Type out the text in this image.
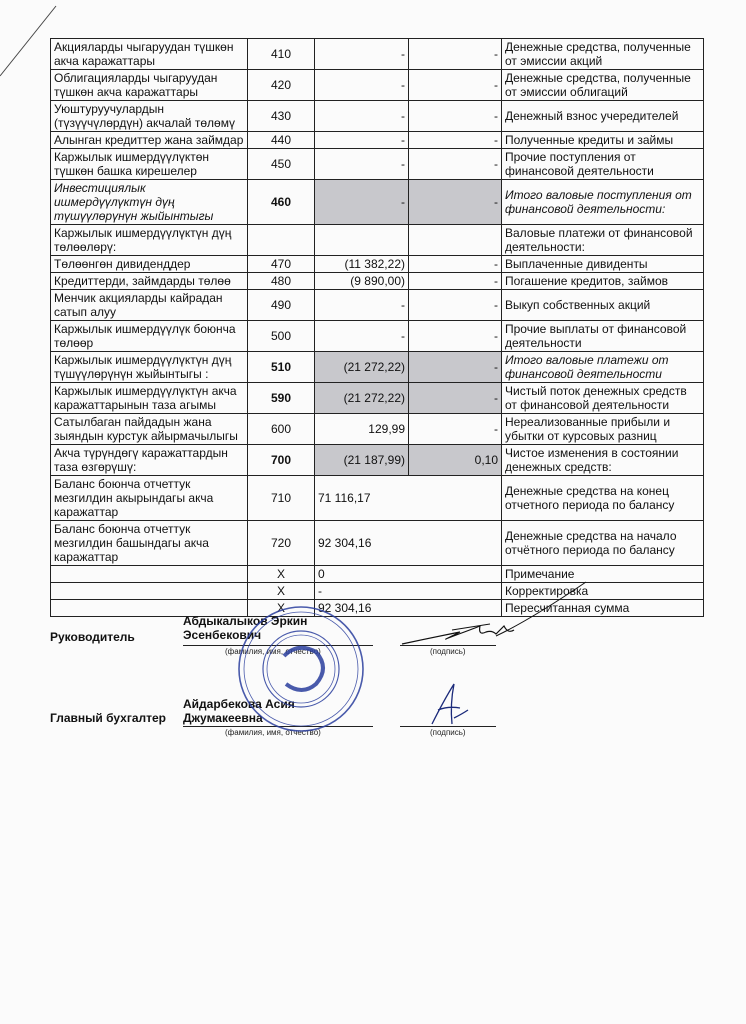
Акцияларды чыгаруудан түшкөн акча каражаттары	410	-	-	Денежные средства, полученные от эмиссии акций
Облигацияларды чыгаруудан түшкөн акча каражаттары	420	-	-	Денежные средства, полученные от эмиссии облигаций
Уюштуруучулардын (түзүүчүлөрдүн) акчалай төлөмү	430	-	-	Денежный взнос учередителей
Алынган кредиттер жана займдар	440	-	-	Полученные кредиты и займы
Каржылык ишмердүүлүктөн түшкөн башка кирешелер	450	-	-	Прочие поступления от финансовой деятельности
Инвестициялык ишмердүүлүктүн дүң түшүүлөрүнүн жыйынтыгы	460	-	-	Итого валовые поступления от финансовой деятельности:
Каржылык ишмердүүлүктүн дүң төлөөлөрү:				Валовые платежи от финансовой деятельности:
Төлөөнгөн дивиденддер	470	(11 382,22)	-	Выплаченные дивиденты
Кредиттерди, займдарды төлөө	480	(9 890,00)	-	Погашение кредитов, займов
Менчик акцияларды кайрадан сатып алуу	490	-	-	Выкуп собственных акций
Каржылык ишмердүүлүк боюнча төлөөр	500	-	-	Прочие выплаты от финансовой деятельности
Каржылык ишмердүүлүктүн дүң түшүүлөрүнүн жыйынтыгы :	510	(21 272,22)	-	Итого валовые платежи от финансовой деятельности
Каржылык ишмердүүлүктүн акча каражаттарынын таза агымы	590	(21 272,22)	-	Чистый поток денежных средств от финансовой деятельности
Сатылбаган пайдадын жана зыяндын курстук айырмачылыгы	600	129,99	-	Нереализованные прибыли и убытки от курсовых разниц
Акча түрүндөгү каражаттардын таза өзгөрүшү:	700	(21 187,99)	0,10	Чистое изменения в состоянии денежных средств:
Баланс боюнча отчеттук мезгилдин акырындагы акча каражаттар	710	71 116,17		Денежные средства на конец отчетного периода по балансу
Баланс боюнча отчеттук мезгилдин башындагы акча каражаттар	720	92 304,16		Денежные средства на начало отчётного периода по балансу
	X	0		Примечание
	X	-		Корректировка
	X	92 304,16		Пересчитанная сумма
Руководитель
Абдыкалыков Эркин
Эсенбекович
(фамилия, имя, отчество)	(подпись)
Главный бухгалтер
Айдарбекова Асия
Джумакеевна
(фамилия, имя, отчество)	(подпись)
